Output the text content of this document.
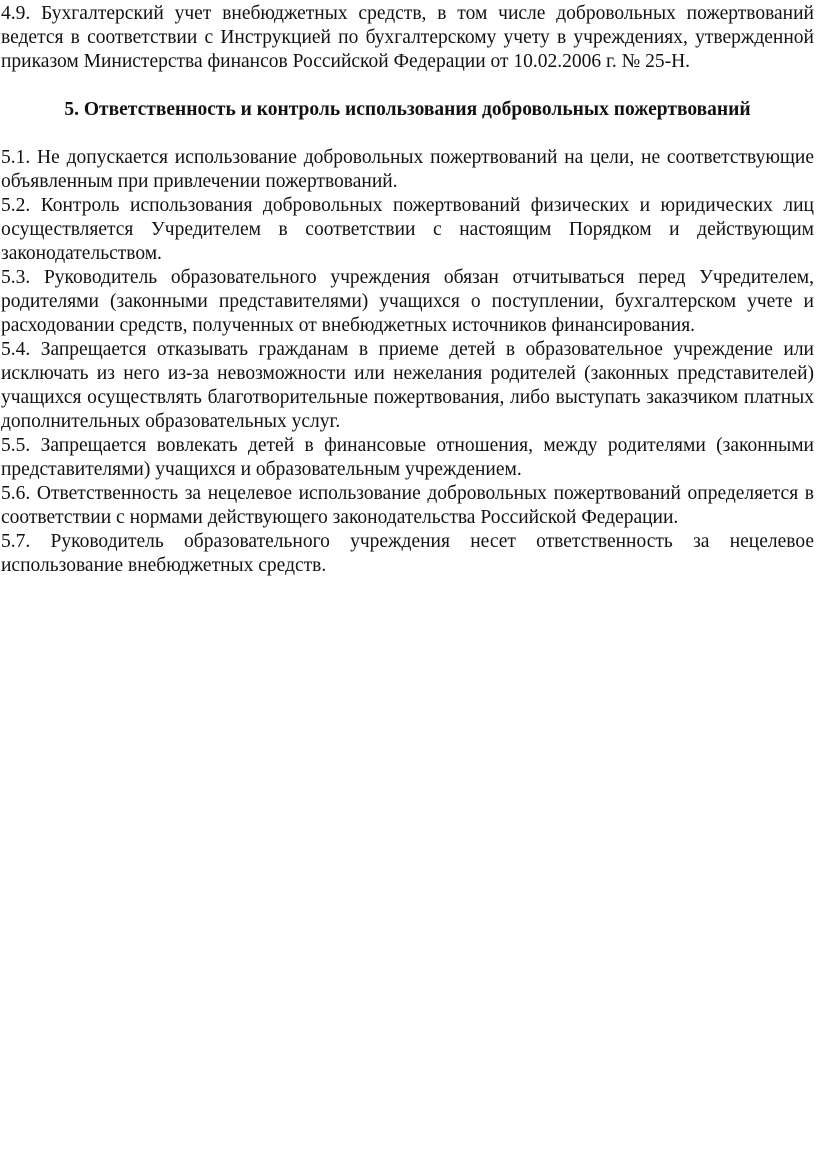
4.9. Бухгалтерский учет внебюджетных средств, в том числе добровольных пожертвований ведется в соответствии с Инструкцией по бухгалтерскому учету в учреждениях, утвержденной приказом Министерства финансов Российской Федерации от 10.02.2006 г. № 25-Н.

5. Ответственность и контроль использования добровольных пожертвований

5.1. Не допускается использование добровольных пожертвований на цели, не соответствующие объявленным при привлечении пожертвований.

5.2. Контроль использования добровольных пожертвований физических и юридических лиц осуществляется Учредителем в соответствии с настоящим Порядком и действующим законодательством.

5.3. Руководитель образовательного учреждения обязан отчитываться перед Учредителем, родителями (законными представителями) учащихся о поступлении, бухгалтерском учете и расходовании средств, полученных от внебюджетных источников финансирования.

5.4. Запрещается отказывать гражданам в приеме детей в образовательное учреждение или исключать из него из-за невозможности или нежелания родителей (законных представителей) учащихся осуществлять благотворительные пожертвования, либо выступать заказчиком платных дополнительных образовательных услуг.

5.5. Запрещается вовлекать детей в финансовые отношения, между родителями (законными представителями) учащихся и образовательным учреждением.

5.6. Ответственность за нецелевое использование добровольных пожертвований определяется в соответствии с нормами действующего законодательства Российской Федерации.

5.7. Руководитель образовательного учреждения несет ответственность за нецелевое использование внебюджетных средств.
